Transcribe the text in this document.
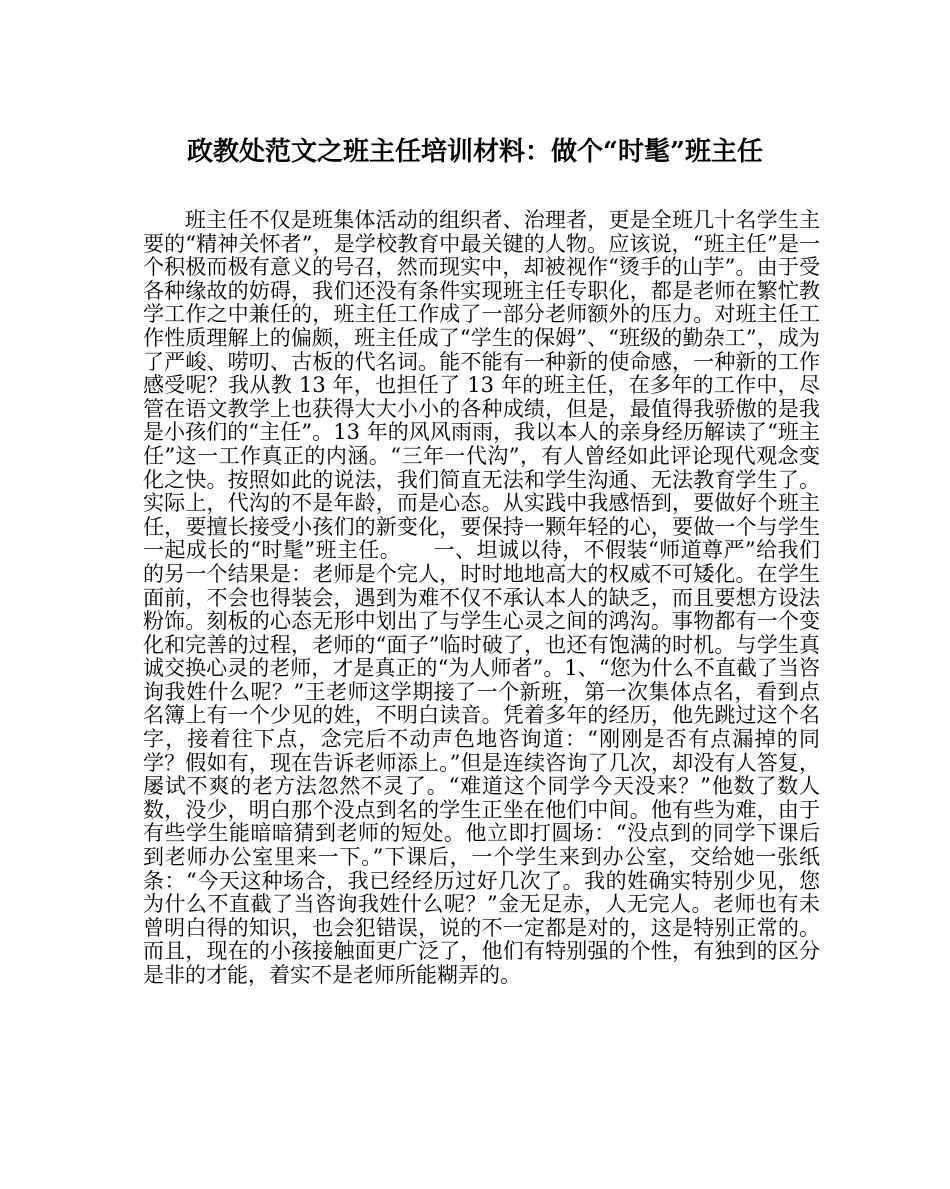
政教处范文之班主任培训材料：做个“时髦”班主任

班主任不仅是班集体活动的组织者、治理者，更是全班几十名学生主要的“精神关怀者”，是学校教育中最关键的人物。应该说，“班主任”是一个积极而极有意义的号召，然而现实中，却被视作“烫手的山芋”。由于受各种缘故的妨碍，我们还没有条件实现班主任专职化，都是老师在繁忙教学工作之中兼任的，班主任工作成了一部分老师额外的压力。对班主任工作性质理解上的偏颇，班主任成了“学生的保姆”、“班级的勤杂工”，成为了严峻、唠叨、古板的代名词。能不能有一种新的使命感，一种新的工作感受呢？我从教 13 年，也担任了 13 年的班主任，在多年的工作中，尽管在语文教学上也获得大大小小的各种成绩，但是，最值得我骄傲的是我是小孩们的“主任”。13 年的风风雨雨，我以本人的亲身经历解读了“班主任”这一工作真正的内涵。“三年一代沟”，有人曾经如此评论现代观念变化之快。按照如此的说法，我们简直无法和学生沟通、无法教育学生了。实际上，代沟的不是年龄，而是心态。从实践中我感悟到，要做好个班主任，要擅长接受小孩们的新变化，要保持一颗年轻的心，要做一个与学生一起成长的“时髦”班主任。　　一、坦诚以待，不假装“师道尊严”给我们的另一个结果是：老师是个完人，时时地地高大的权威不可矮化。在学生面前，不会也得装会，遇到为难不仅不承认本人的缺乏，而且要想方设法粉饰。刻板的心态无形中划出了与学生心灵之间的鸿沟。事物都有一个变化和完善的过程，老师的“面子”临时破了，也还有饱满的时机。与学生真诚交换心灵的老师，才是真正的“为人师者”。1、“您为什么不直截了当咨询我姓什么呢？”王老师这学期接了一个新班，第一次集体点名，看到点名簿上有一个少见的姓，不明白读音。凭着多年的经历，他先跳过这个名字，接着往下点，念完后不动声色地咨询道：“刚刚是否有点漏掉的同学？假如有，现在告诉老师添上。”但是连续咨询了几次，却没有人答复，屡试不爽的老方法忽然不灵了。“难道这个同学今天没来？”他数了数人数，没少，明白那个没点到名的学生正坐在他们中间。他有些为难，由于有些学生能暗暗猜到老师的短处。他立即打圆场：“没点到的同学下课后到老师办公室里来一下。”下课后，一个学生来到办公室，交给她一张纸条：“今天这种场合，我已经经历过好几次了。我的姓确实特别少见，您为什么不直截了当咨询我姓什么呢？”金无足赤，人无完人。老师也有未曾明白得的知识，也会犯错误，说的不一定都是对的，这是特别正常的。而且，现在的小孩接触面更广泛了，他们有特别强的个性，有独到的区分是非的才能，着实不是老师所能糊弄的。
